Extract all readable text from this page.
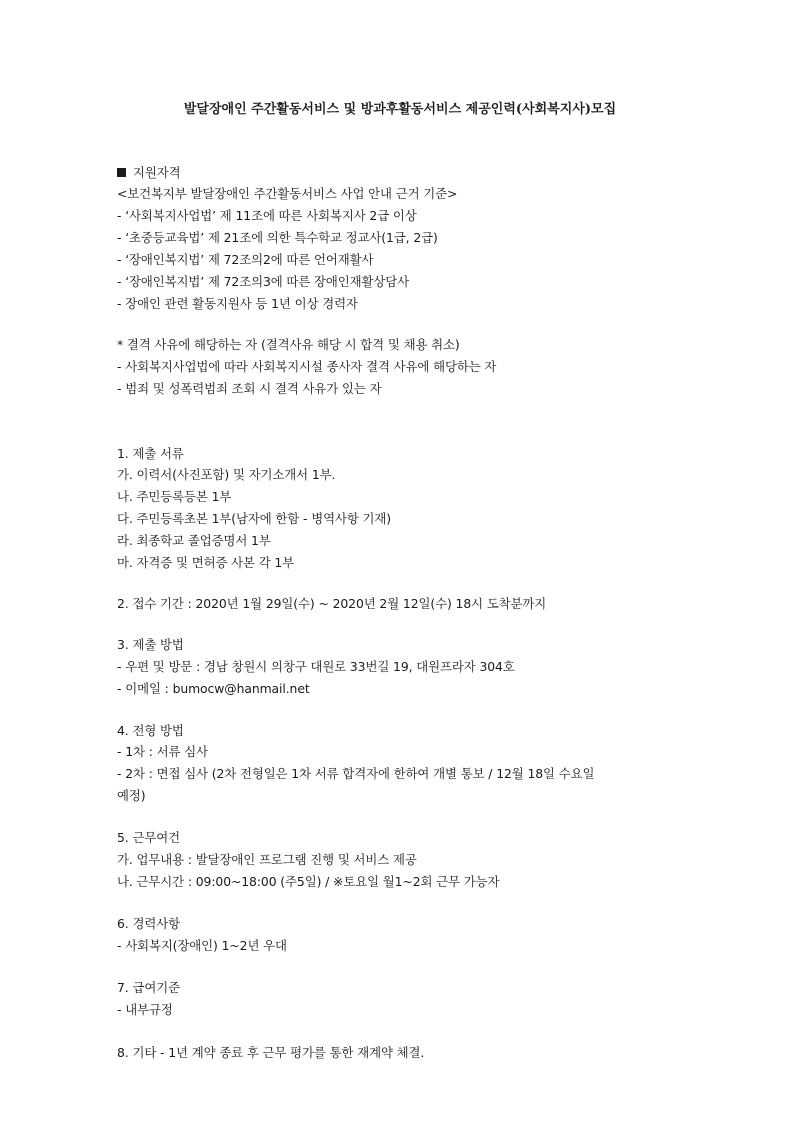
발달장애인 주간활동서비스 및 방과후활동서비스 제공인력(사회복지사)모집
지원자격
<보건복지부 발달장애인 주간활동서비스 사업 안내 근거 기준>
- ‘사회복지사업법’ 제 11조에 따른 사회복지사 2급 이상
- ‘초중등교육법’ 제 21조에 의한 특수학교 정교사(1급, 2급)
- ‘장애인복지법’ 제 72조의2에 따른 언어재활사
- ‘장애인복지법’ 제 72조의3에 따른 장애인재활상담사
- 장애인 관련 활동지원사 등 1년 이상 경력자
* 결격 사유에 해당하는 자 (결격사유 해당 시 합격 및 채용 취소)
- 사회복지사업법에 따라 사회복지시설 종사자 결격 사유에 해당하는 자
- 범죄 및 성폭력범죄 조회 시 결격 사유가 있는 자
1. 제출 서류
가. 이력서(사진포함) 및 자기소개서 1부.
나. 주민등록등본 1부
다. 주민등록초본 1부(남자에 한함 - 병역사항 기재)
라. 최종학교 졸업증명서 1부
마. 자격증 및 면허증 사본 각 1부
2. 접수 기간 : 2020년 1월 29일(수) ~ 2020년 2월 12일(수) 18시 도착분까지
3. 제출 방법
- 우편 및 방문 : 경남 창원시 의창구 대원로 33번길 19, 대원프라자 304호
- 이메일 : bumocw@hanmail.net
4. 전형 방법
- 1차 : 서류 심사
- 2차 : 면접 심사 (2차 전형일은 1차 서류 합격자에 한하여 개별 통보 / 12월 18일 수요일
예정)
5. 근무여건
가. 업무내용 : 발달장애인 프로그램 진행 및 서비스 제공
나. 근무시간 : 09:00~18:00 (주5일) / ※토요일 월1~2회 근무 가능자
6. 경력사항
- 사회복지(장애인) 1~2년 우대
7. 급여기준
- 내부규정
8. 기타 - 1년 계약 종료 후 근무 평가를 통한 재계약 체결.
